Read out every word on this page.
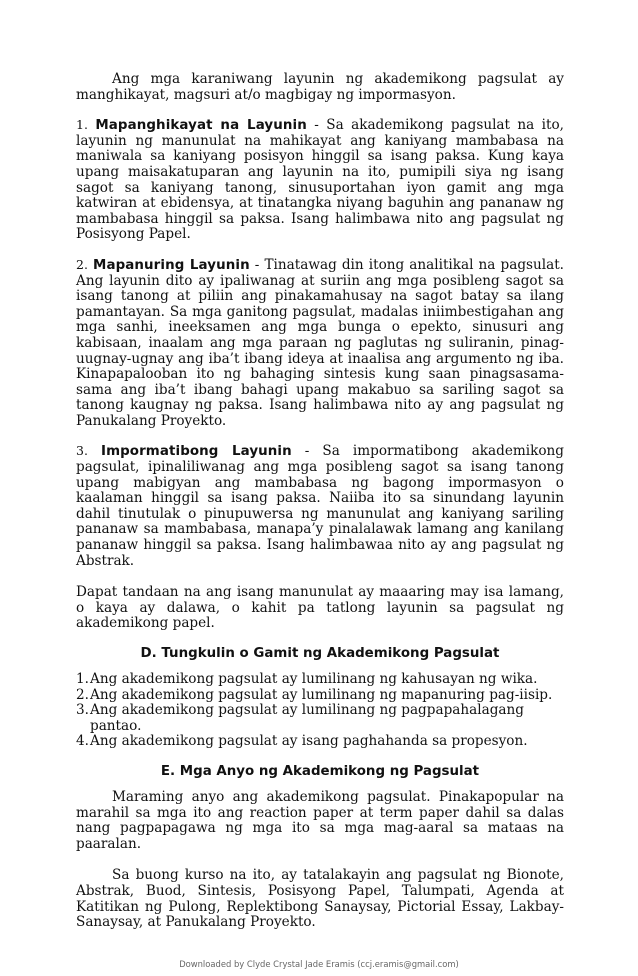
Ang mga karaniwang layunin ng akademikong pagsulat ay manghikayat, magsuri at/o magbigay ng impormasyon.

1. Mapanghikayat na Layunin - Sa akademikong pagsulat na ito, layunin ng manunulat na mahikayat ang kaniyang mambabasa na maniwala sa kaniyang posisyon hinggil sa isang paksa. Kung kaya upang maisakatuparan ang layunin na ito, pumipili siya ng isang sagot sa kaniyang tanong, sinusuportahan iyon gamit ang mga katwiran at ebidensya, at tinatangka niyang baguhin ang pananaw ng mambabasa hinggil sa paksa. Isang halimbawa nito ang pagsulat ng Posisyong Papel.

2. Mapanuring Layunin - Tinatawag din itong analitikal na pagsulat. Ang layunin dito ay ipaliwanag at suriin ang mga posibleng sagot sa isang tanong at piliin ang pinakamahusay na sagot batay sa ilang pamantayan. Sa mga ganitong pagsulat, madalas iniimbestigahan ang mga sanhi, ineeksamen ang mga bunga o epekto, sinusuri ang kabisaan, inaalam ang mga paraan ng paglutas ng suliranin, pinag-uugnay-ugnay ang iba’t ibang ideya at inaalisa ang argumento ng iba. Kinapapalooban ito ng bahaging sintesis kung saan pinagsasama-sama ang iba’t ibang bahagi upang makabuo sa sariling sagot sa tanong kaugnay ng paksa. Isang halimbawa nito ay ang pagsulat ng Panukalang Proyekto.

3. Impormatibong Layunin - Sa impormatibong akademikong pagsulat, ipinaliliwanag ang mga posibleng sagot sa isang tanong upang mabigyan ang mambabasa ng bagong impormasyon o kaalaman hinggil sa isang paksa. Naiiba ito sa sinundang layunin dahil tinutulak o pinupuwersa ng manunulat ang kaniyang sariling pananaw sa mambabasa, manapa’y pinalalawak lamang ang kanilang pananaw hinggil sa paksa. Isang halimbawaa nito ay ang pagsulat ng Abstrak.

Dapat tandaan na ang isang manunulat ay maaaring may isa lamang, o kaya ay dalawa, o kahit pa tatlong layunin sa pagsulat ng akademikong papel.

D. Tungkulin o Gamit ng Akademikong Pagsulat
1. Ang akademikong pagsulat ay lumilinang ng kahusayan ng wika.
2. Ang akademikong pagsulat ay lumilinang ng mapanuring pag-iisip.
3. Ang akademikong pagsulat ay lumilinang ng pagpapahalagang pantao.
4. Ang akademikong pagsulat ay isang paghahanda sa propesyon.
E. Mga Anyo ng Akademikong ng Pagsulat

Maraming anyo ang akademikong pagsulat. Pinakapopular na marahil sa mga ito ang reaction paper at term paper dahil sa dalas nang pagpapagawa ng mga ito sa mga mag-aaral sa mataas na paaralan.

Sa buong kurso na ito, ay tatalakayin ang pagsulat ng Bionote, Abstrak, Buod, Sintesis, Posisyong Papel, Talumpati, Agenda at Katitikan ng Pulong, Replektibong Sanaysay, Pictorial Essay, Lakbay-Sanaysay, at Panukalang Proyekto.

Downloaded by Clyde Crystal Jade Eramis (ccj.eramis@gmail.com)
